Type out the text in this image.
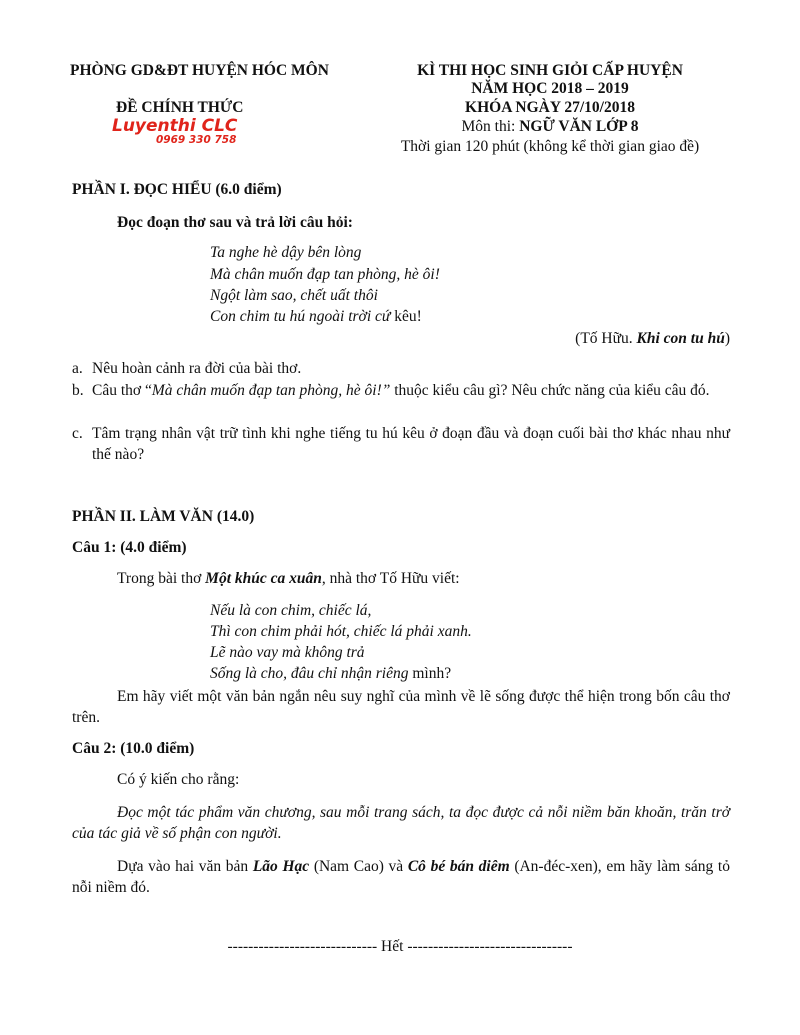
PHÒNG GD&ĐT HUYỆN HÓC MÔN
ĐỀ CHÍNH THỨC
Luyenthi CLC
0969 330 758
KÌ THI HỌC SINH GIỎI CẤP HUYỆN
NĂM HỌC 2018 – 2019
KHÓA NGÀY 27/10/2018
Môn thi: NGỮ VĂN LỚP 8
Thời gian 120 phút (không kể thời gian giao đề)
PHẦN I. ĐỌC HIỂU (6.0 điểm)
Đọc đoạn thơ sau và trả lời câu hỏi:
Ta nghe hè dậy bên lòng
Mà chân muốn đạp tan phòng, hè ôi!
Ngột làm sao, chết uất thôi
Con chim tu hú ngoài trời cứ kêu!
(Tố Hữu. Khi con tu hú)
a. Nêu hoàn cảnh ra đời của bài thơ.
b. Câu thơ “Mà chân muốn đạp tan phòng, hè ôi!” thuộc kiểu câu gì? Nêu chức năng của kiểu câu đó.
c. Tâm trạng nhân vật trữ tình khi nghe tiếng tu hú kêu ở đoạn đầu và đoạn cuối bài thơ khác nhau như thế nào?
PHẦN II. LÀM VĂN (14.0)
Câu 1: (4.0 điểm)
Trong bài thơ Một khúc ca xuân, nhà thơ Tố Hữu viết:
Nếu là con chim, chiếc lá,
Thì con chim phải hót, chiếc lá phải xanh.
Lẽ nào vay mà không trả
Sống là cho, đâu chỉ nhận riêng mình?
Em hãy viết một văn bản ngắn nêu suy nghĩ của mình về lẽ sống được thể hiện trong bốn câu thơ trên.
Câu 2: (10.0 điểm)
Có ý kiến cho rằng:
Đọc một tác phẩm văn chương, sau mỗi trang sách, ta đọc được cả nỗi niềm băn khoăn, trăn trở của tác giả về số phận con người.
Dựa vào hai văn bản Lão Hạc (Nam Cao) và Cô bé bán diêm (An-đéc-xen), em hãy làm sáng tỏ nỗi niềm đó.
----------------------------- Hết --------------------------------
